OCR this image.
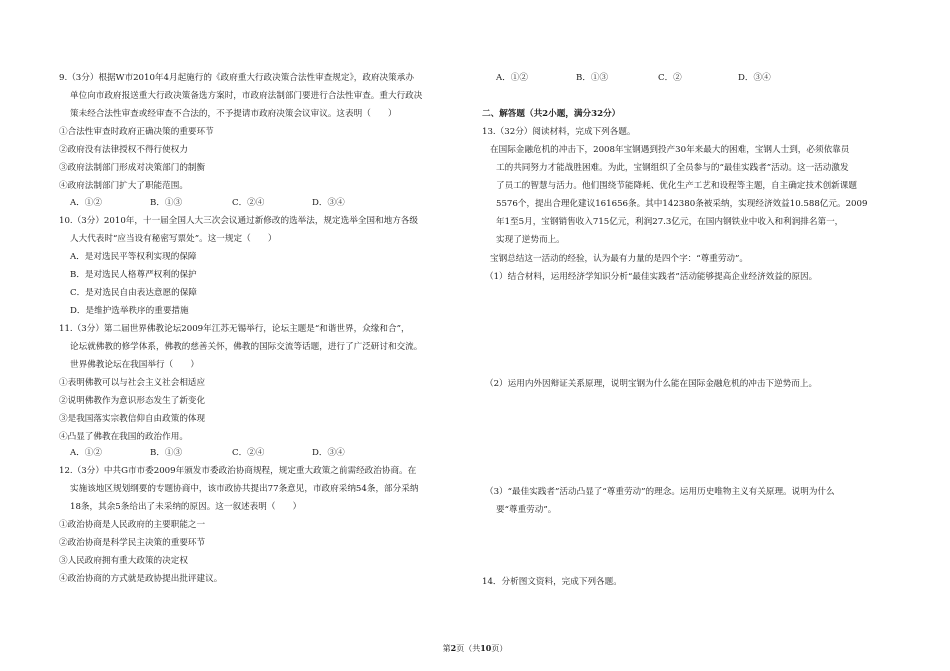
9.（3分）根据W市2010年4月起施行的《政府重大行政决策合法性审查规定》，政府决策承办
单位向市政府报送重大行政决策备选方案时，市政府法制部门要进行合法性审查。重大行政决
策未经合法性审查或经审查不合法的，不予提请市政府决策会议审议。这表明（　　）
①合法性审查时政府正确决策的重要环节
②政府没有法律授权不得行使权力
③政府法制部门形成对决策部门的制衡
④政府法制部门扩大了职能范围。
A．①②	B．①③	C．②④	D．③④
10.（3分）2010年，十一届全国人大三次会议通过新修改的选举法，规定选举全国和地方各级
人大代表时“应当设有秘密写票处”。这一规定（　　）
A．是对选民平等权利实现的保障
B．是对选民人格尊严权利的保护
C．是对选民自由表达意愿的保障
D．是维护选举秩序的重要措施
11.（3分）第二届世界佛教论坛2009年江苏无锡举行，论坛主题是“和谐世界，众缘和合”，
论坛就佛教的修学体系，佛教的慈善关怀，佛教的国际交流等话题，进行了广泛研讨和交流。
世界佛教论坛在我国举行（　　）
①表明佛教可以与社会主义社会相适应
②说明佛教作为意识形态发生了新变化
③是我国落实宗教信仰自由政策的体现
④凸显了佛教在我国的政治作用。
A．①②	B．①③	C．②④	D．③④
12.（3分）中共G市市委2009年颁发市委政治协商规程，规定重大政策之前需经政治协商。在
实施该地区规划纲要的专题协商中，该市政协共提出77条意见，市政府采纳54条，部分采纳
18条，其余5条给出了未采纳的原因。这一叙述表明（　　）
①政治协商是人民政府的主要职能之一
②政治协商是科学民主决策的重要环节
③人民政府拥有重大政策的决定权
④政治协商的方式就是政协提出批评建议。
A．①②	B．①③	C．②	D．③④
二、解答题（共2小题，满分32分）
13.（32分）阅读材料，完成下列各题。
在国际金融危机的冲击下，2008年宝钢遇到投产30年来最大的困难，宝钢人士到，必须依靠员
工的共同努力才能战胜困难。为此，宝钢组织了全员参与的“最佳实践者”活动。这一活动激发
了员工的智慧与活力。他们围绕节能降耗、优化生产工艺和设程等主题，自主确定技术创新课题
5576个，提出合理化建议161656条。其中142380条被采纳，实现经济效益10.588亿元。2009
年1至5月，宝钢销售收入715亿元，利润27.3亿元，在国内钢铁业中收入和利润排名第一，
实现了逆势而上。
宝钢总结这一活动的经验，认为最有力量的是四个字：“尊重劳动”。
（1）结合材料，运用经济学知识分析“最佳实践者”活动能够提高企业经济效益的原因。
（2）运用内外因辩证关系原理，说明宝钢为什么能在国际金融危机的冲击下逆势而上。
（3）“最佳实践者”活动凸显了“尊重劳动”的理念。运用历史唯物主义有关原理。说明为什么
要“尊重劳动”。
14．分析图文资料，完成下列各题。
第2页（共10页）
